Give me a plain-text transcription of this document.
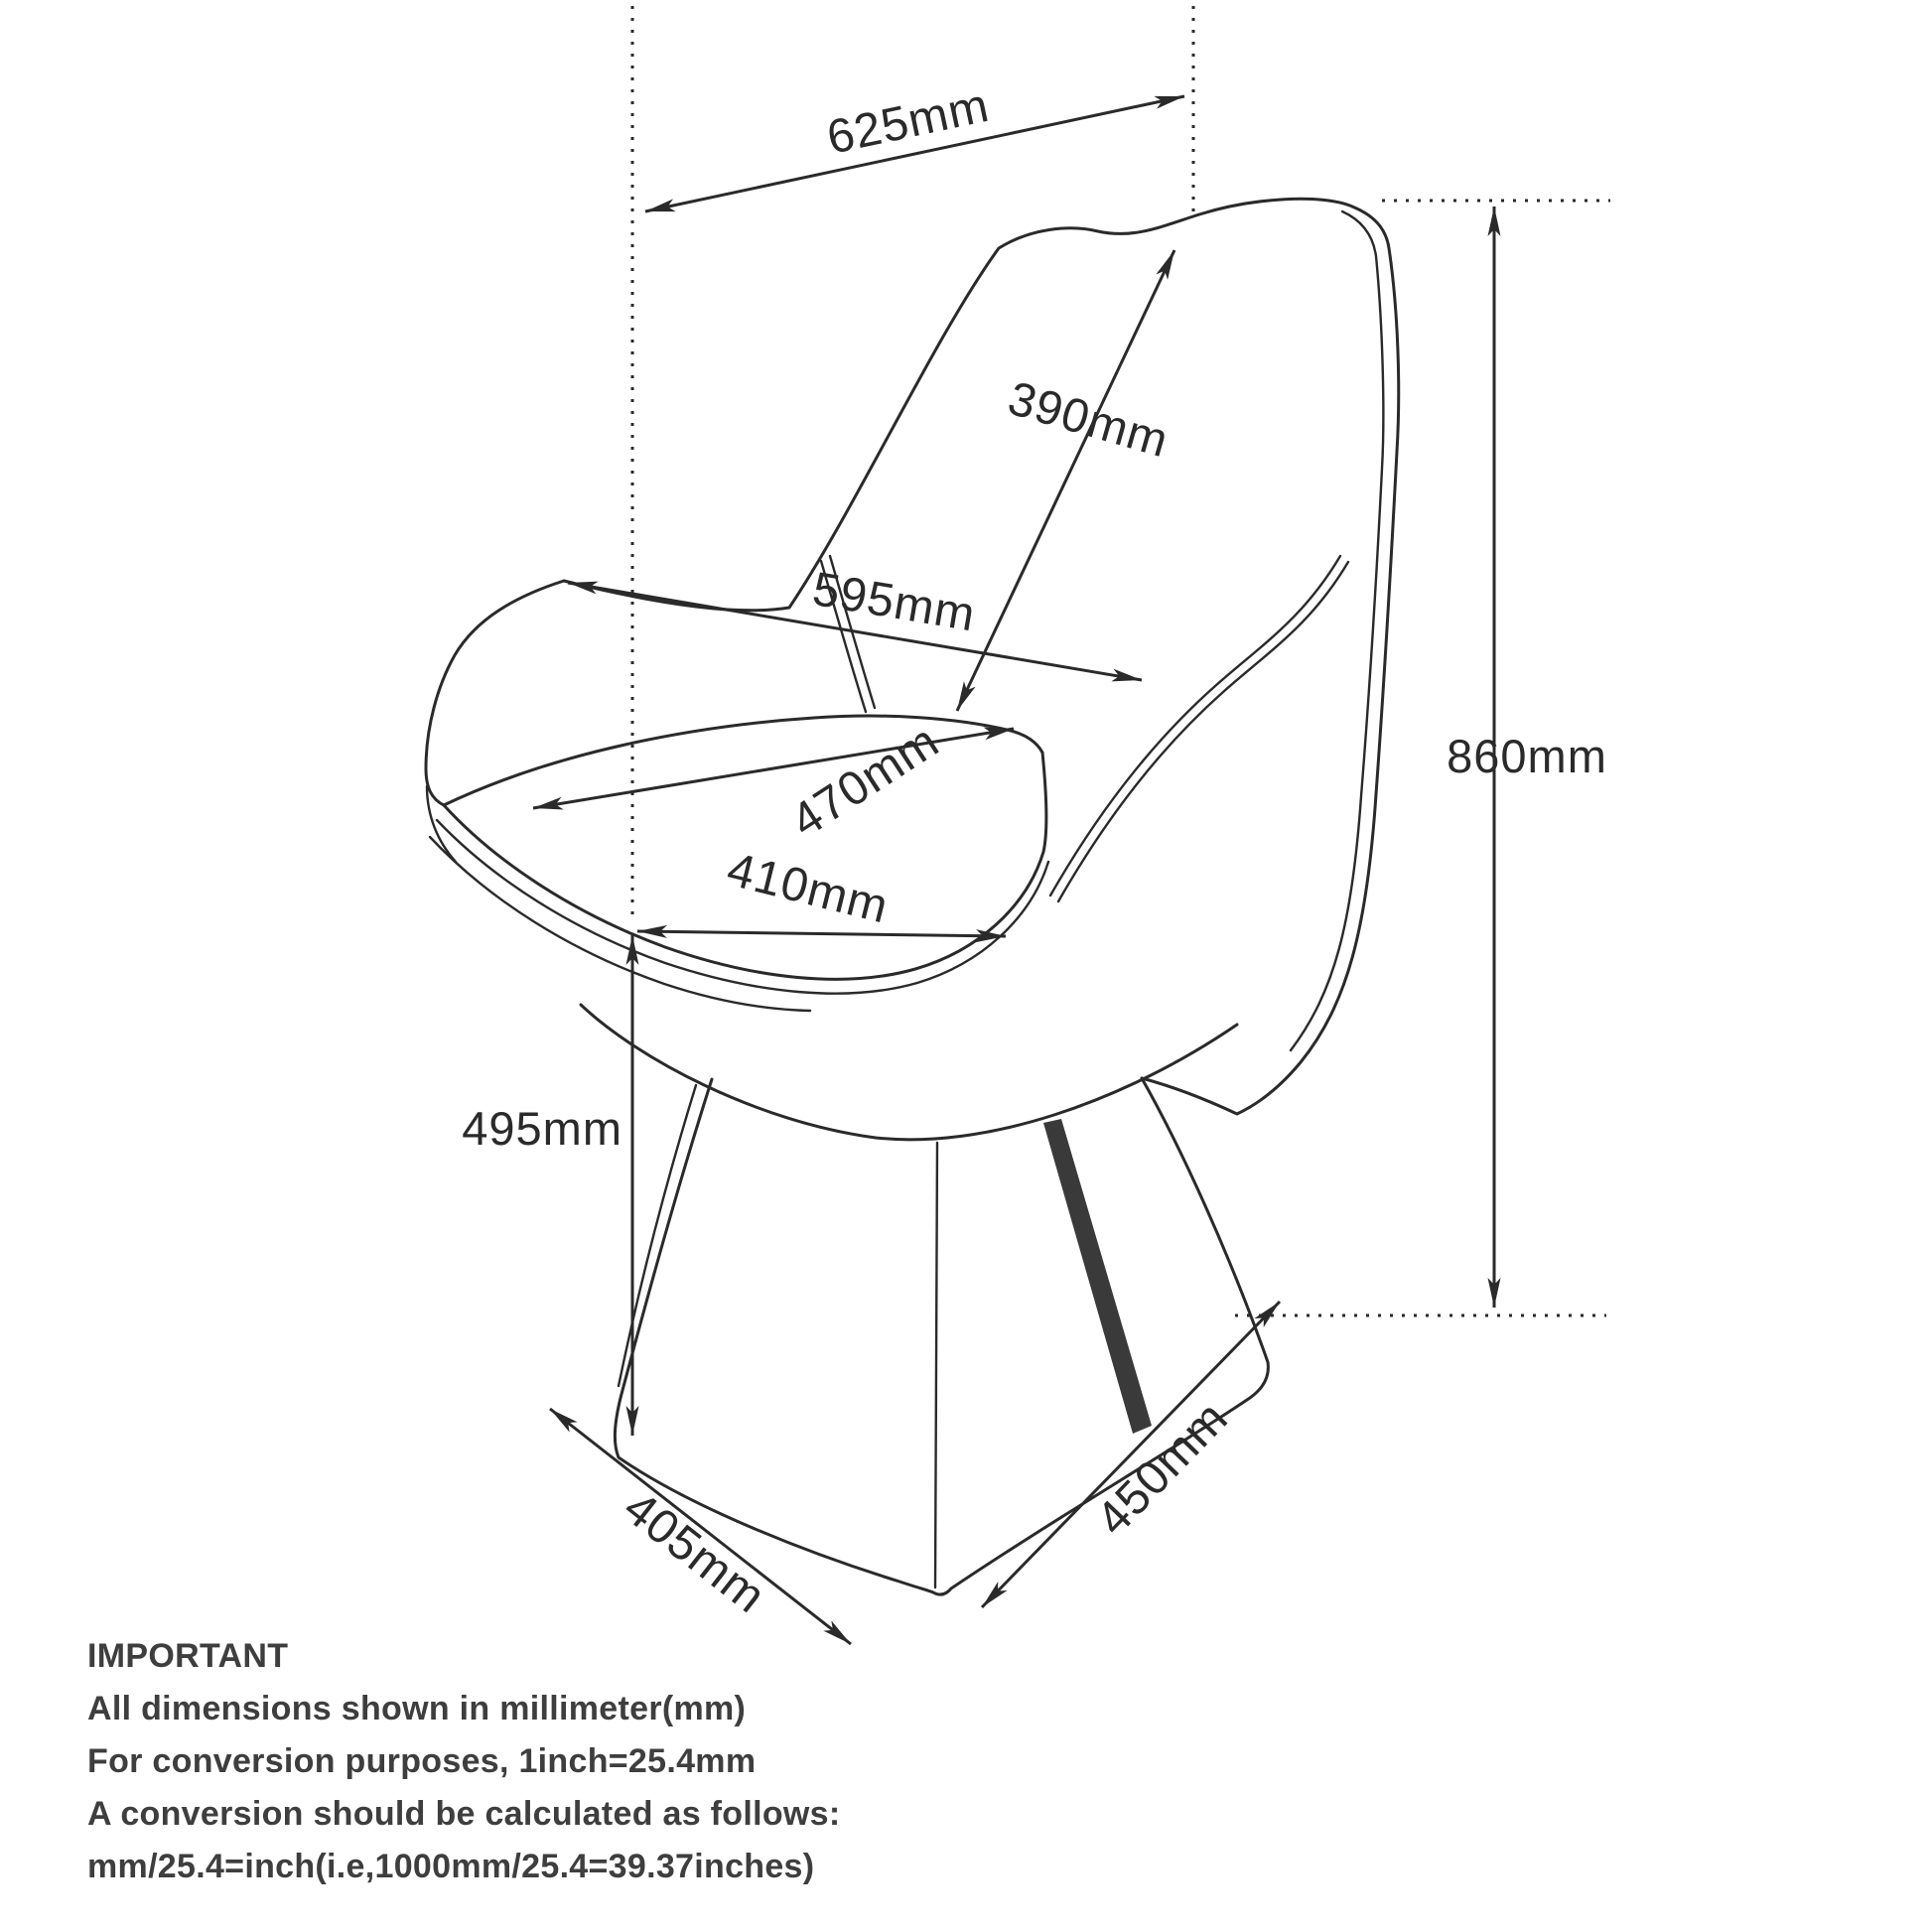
625mm
390mm
595mm
470mm
410mm
860mm
495mm
405mm
450mm
IMPORTANT
All dimensions shown in millimeter(mm)
For conversion purposes, 1inch=25.4mm
A conversion should be calculated as follows:
mm/25.4=inch(i.e,1000mm/25.4=39.37inches)
